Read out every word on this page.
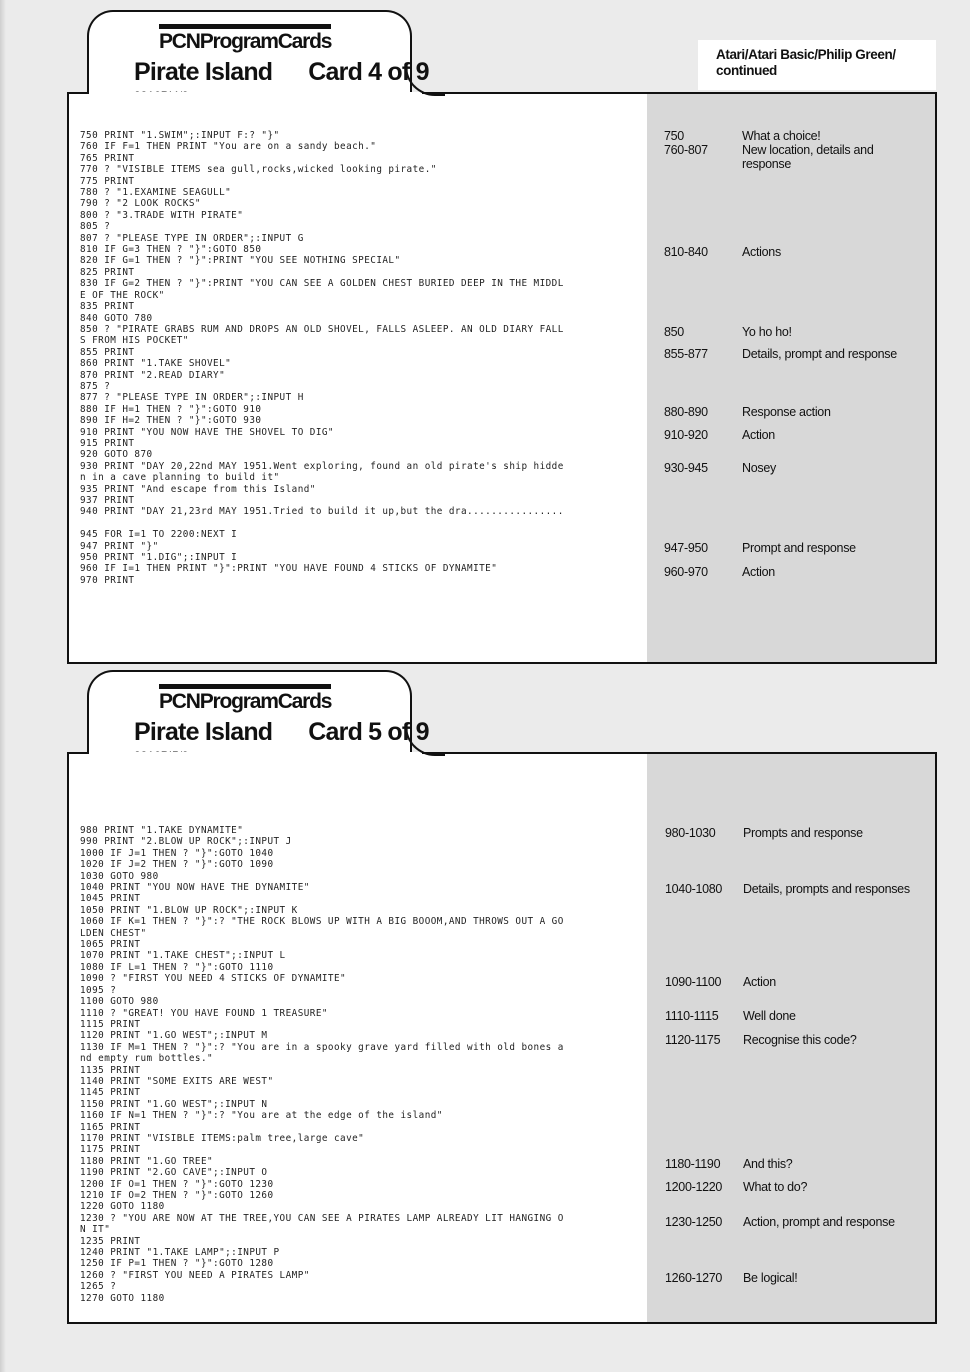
Atari/Atari Basic/Philip Green/
continued
PCNProgramCards
Pirate Island Card 4 of 9
750 PRINT "1.SWIM";:INPUT F:? "}"
760 IF F=1 THEN PRINT "You are on a sandy beach."
765 PRINT
770 ? "VISIBLE ITEMS sea gull,rocks,wicked looking pirate."
775 PRINT
780 ? "1.EXAMINE SEAGULL"
790 ? "2 LOOK ROCKS"
800 ? "3.TRADE WITH PIRATE"
805 ?
807 ? "PLEASE TYPE IN ORDER";:INPUT G
810 IF G=3 THEN ? "}":GOTO 850
820 IF G=1 THEN ? "}":PRINT "YOU SEE NOTHING SPECIAL"
825 PRINT
830 IF G=2 THEN ? "}":PRINT "YOU CAN SEE A GOLDEN CHEST BURIED DEEP IN THE MIDDL
E OF THE ROCK"
835 PRINT
840 GOTO 780
850 ? "PIRATE GRABS RUM AND DROPS AN OLD SHOVEL, FALLS ASLEEP. AN OLD DIARY FALL
S FROM HIS POCKET"
855 PRINT
860 PRINT "1.TAKE SHOVEL"
870 PRINT "2.READ DIARY"
875 ?
877 ? "PLEASE TYPE IN ORDER";:INPUT H
880 IF H=1 THEN ? "}":GOTO 910
890 IF H=2 THEN ? "}":GOTO 930
910 PRINT "YOU NOW HAVE THE SHOVEL TO DIG"
915 PRINT
920 GOTO 870
930 PRINT "DAY 20,22nd MAY 1951.Went exploring, found an old pirate's ship hidde
n in a cave planning to build it"
935 PRINT "And escape from this Island"
937 PRINT
940 PRINT "DAY 21,23rd MAY 1951.Tried to build it up,but the dra................

945 FOR I=1 TO 2200:NEXT I
947 PRINT "}"
950 PRINT "1.DIG";:INPUT I
960 IF I=1 THEN PRINT "}":PRINT "YOU HAVE FOUND 4 STICKS OF DYNAMITE"
970 PRINT
750	What a choice!
760-807	New location, details and response
810-840	Actions
850	Yo ho ho!
855-877	Details, prompt and response
880-890	Response action
910-920	Action
930-945	Nosey
947-950	Prompt and response
960-970	Action
PCNProgramCards
Pirate Island Card 5 of 9
980 PRINT "1.TAKE DYNAMITE"
990 PRINT "2.BLOW UP ROCK";:INPUT J
1000 IF J=1 THEN ? "}":GOTO 1040
1020 IF J=2 THEN ? "}":GOTO 1090
1030 GOTO 980
1040 PRINT "YOU NOW HAVE THE DYNAMITE"
1045 PRINT
1050 PRINT "1.BLOW UP ROCK";:INPUT K
1060 IF K=1 THEN ? "}":? "THE ROCK BLOWS UP WITH A BIG BOOOM,AND THROWS OUT A GO
LDEN CHEST"
1065 PRINT
1070 PRINT "1.TAKE CHEST";:INPUT L
1080 IF L=1 THEN ? "}":GOTO 1110
1090 ? "FIRST YOU NEED 4 STICKS OF DYNAMITE"
1095 ?
1100 GOTO 980
1110 ? "GREAT! YOU HAVE FOUND 1 TREASURE"
1115 PRINT
1120 PRINT "1.GO WEST";:INPUT M
1130 IF M=1 THEN ? "}":? "You are in a spooky grave yard filled with old bones a
nd empty rum bottles."
1135 PRINT
1140 PRINT "SOME EXITS ARE WEST"
1145 PRINT
1150 PRINT "1.GO WEST";:INPUT N
1160 IF N=1 THEN ? "}":? "You are at the edge of the island"
1165 PRINT
1170 PRINT "VISIBLE ITEMS:palm tree,large cave"
1175 PRINT
1180 PRINT "1.GO TREE"
1190 PRINT "2.GO CAVE";:INPUT O
1200 IF O=1 THEN ? "}":GOTO 1230
1210 IF O=2 THEN ? "}":GOTO 1260
1220 GOTO 1180
1230 ? "YOU ARE NOW AT THE TREE,YOU CAN SEE A PIRATES LAMP ALREADY LIT HANGING O
N IT"
1235 PRINT
1240 PRINT "1.TAKE LAMP";:INPUT P
1250 IF P=1 THEN ? "}":GOTO 1280
1260 ? "FIRST YOU NEED A PIRATES LAMP"
1265 ?
1270 GOTO 1180
980-1030	Prompts and response
1040-1080	Details, prompts and responses
1090-1100	Action
1110-1115	Well done
1120-1175	Recognise this code?
1180-1190	And this?
1200-1220	What to do?
1230-1250	Action, prompt and response
1260-1270	Be logical!
